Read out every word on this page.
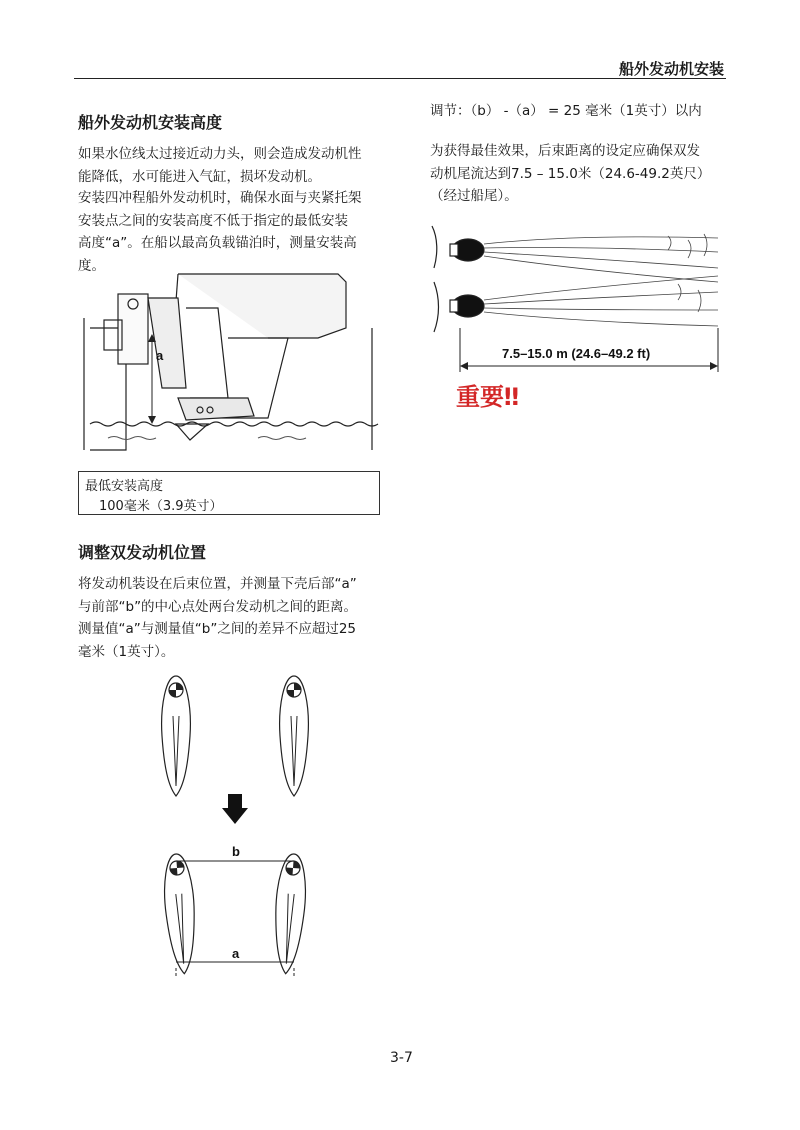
船外发动机安装
船外发动机安装高度
如果水位线太过接近动力头，则会造成发动机性
能降低，水可能进入气缸，损坏发动机。
安装四冲程船外发动机时，确保水面与夹紧托架
安装点之间的安装高度不低于指定的最低安装
高度“a”。在船以最高负载锚泊时，测量安装高
度。
a
最低安装高度
100毫米（3.9英寸）
调整双发动机位置
将发动机装设在后束位置，并测量下壳后部“a”
与前部“b”的中心点处两台发动机之间的距离。
测量值“a”与测量值“b”之间的差异不应超过25
毫米（1英寸）。
b
a
调节：（b） -（a） = 25 毫米（1英寸）以内
为获得最佳效果，后束距离的设定应确保双发
动机尾流达到7.5 – 15.0米（24.6-49.2英尺）
（经过船尾）。
7.5–15.0 m (24.6–49.2 ft)
重要‼
3-7
